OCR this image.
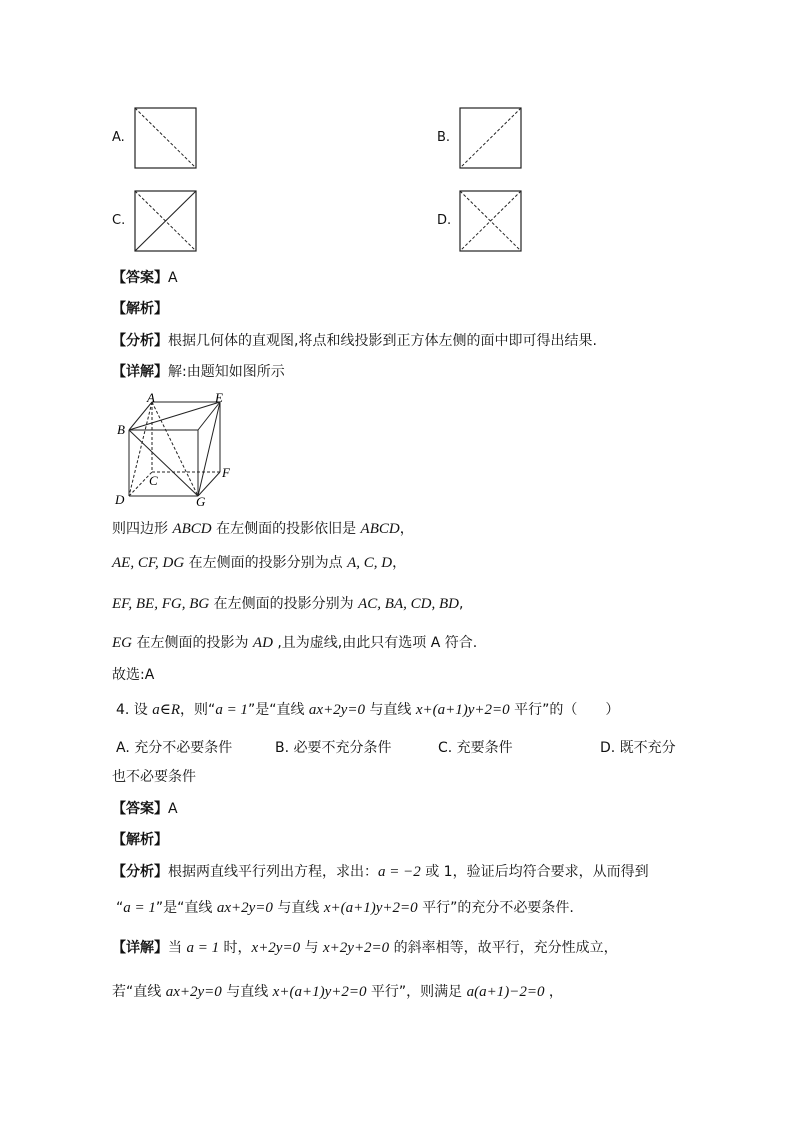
A.	B.
C.	D.
【答案】A
【解析】
【分析】根据几何体的直观图,将点和线投影到正方体左侧的面中即可得出结果.
【详解】解:由题知如图所示
A	E
B
F
C
D	G
则四边形 ABCD 在左侧面的投影依旧是 ABCD，
AE, CF, DG 在左侧面的投影分别为点 A, C, D，
EF, BE, FG, BG 在左侧面的投影分别为 AC, BA, CD, BD,
EG 在左侧面的投影为 AD ,且为虚线,由此只有选项 A 符合.
故选:A
4. 设 a∈R，则“a = 1”是“直线 ax+2y=0 与直线 x+(a+1)y+2=0 平行”的（　　）
A. 充分不必要条件	B. 必要不充分条件	C. 充要条件	D. 既不充分
也不必要条件
【答案】A
【解析】
【分析】根据两直线平行列出方程，求出：a = −2 或 1，验证后均符合要求，从而得到
“a = 1”是“直线 ax+2y=0 与直线 x+(a+1)y+2=0 平行”的充分不必要条件.
【详解】当 a = 1 时，x+2y=0 与 x+2y+2=0 的斜率相等，故平行，充分性成立，
若“直线 ax+2y=0 与直线 x+(a+1)y+2=0 平行”，则满足 a(a+1)−2=0 ，
